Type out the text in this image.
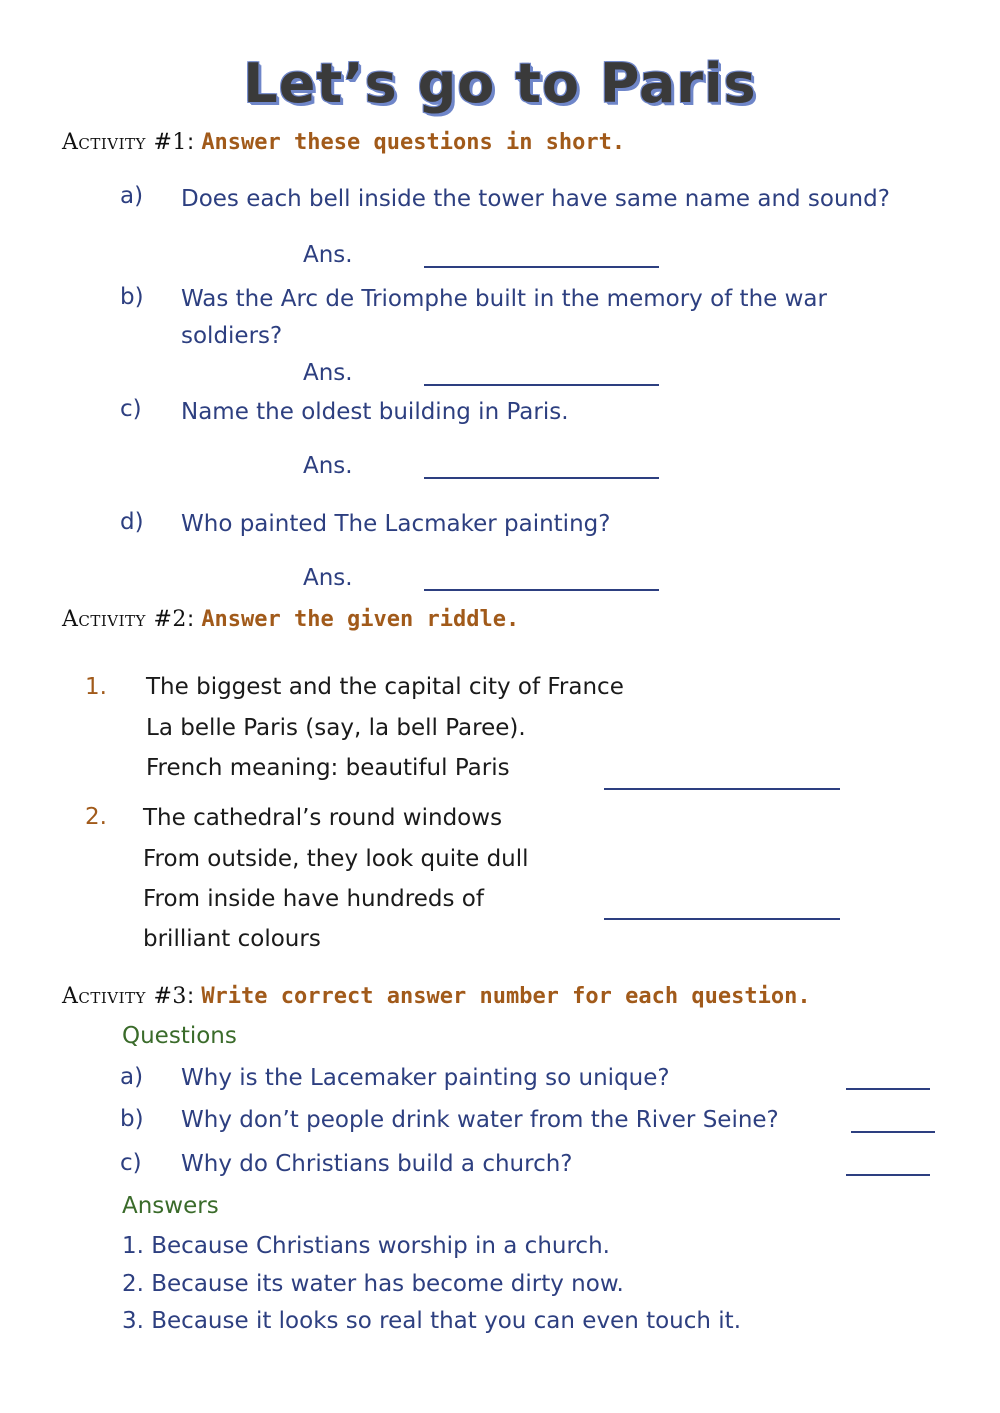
Let’s go to Paris
Activity #1: Answer these questions in short.
a) Does each bell inside the tower have same name and sound?
Ans.
b) Was the Arc de Triomphe built in the memory of the war
soldiers?
Ans.
c) Name the oldest building in Paris.
Ans.
d) Who painted The Lacmaker painting?
Ans.
Activity #2: Answer the given riddle.
1. The biggest and the capital city of France
La belle Paris (say, la bell Paree).
French meaning: beautiful Paris
2. The cathedral’s round windows
From outside, they look quite dull
From inside have hundreds of
brilliant colours
Activity #3: Write correct answer number for each question.
Questions
a) Why is the Lacemaker painting so unique?
b) Why don’t people drink water from the River Seine?
c) Why do Christians build a church?
Answers
1. Because Christians worship in a church.
2. Because its water has become dirty now.
3. Because it looks so real that you can even touch it.
